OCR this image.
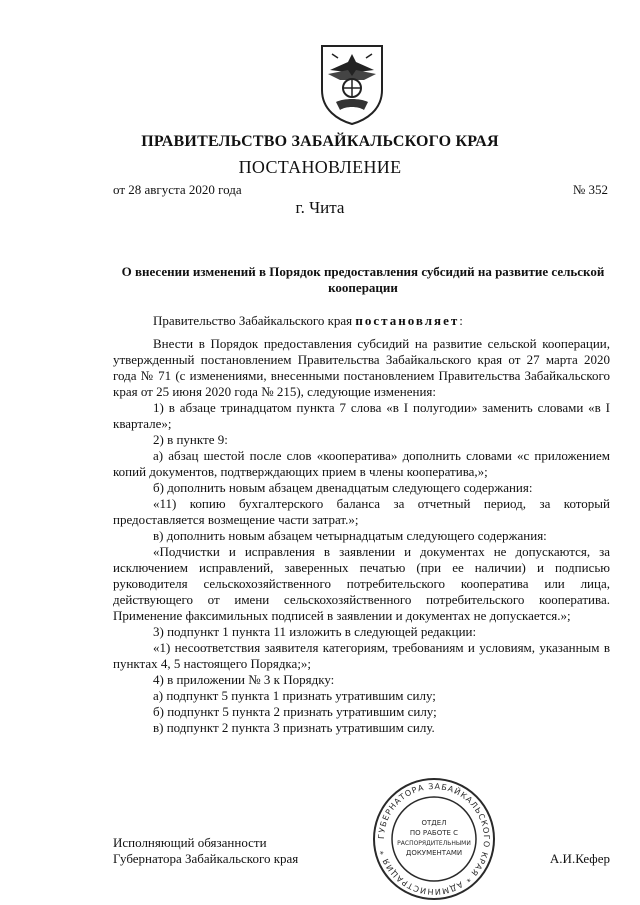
ПРАВИТЕЛЬСТВО ЗАБАЙКАЛЬСКОГО КРАЯ
ПОСТАНОВЛЕНИЕ
от 28 августа 2020 года	№ 352
г. Чита
О внесении изменений в Порядок предоставления субсидий на развитие сельской кооперации

Правительство Забайкальского края постановляет:

Внести в Порядок предоставления субсидий на развитие сельской кооперации, утвержденный постановлением Правительства Забайкальского края от 27 марта 2020 года № 71 (с изменениями, внесенными постановлением Правительства Забайкальского края от 25 июня 2020 года № 215), следующие изменения:

1) в абзаце тринадцатом пункта 7 слова «в I полугодии» заменить словами «в I квартале»;

2) в пункте 9:

а) абзац шестой после слов «кооператива» дополнить словами «с приложением копий документов, подтверждающих прием в члены кооператива,»;

б) дополнить новым абзацем двенадцатым следующего содержания:

«11) копию бухгалтерского баланса за отчетный период, за который предоставляется возмещение части затрат.»;

в) дополнить новым абзацем четырнадцатым следующего содержания:

«Подчистки и исправления в заявлении и документах не допускаются, за исключением исправлений, заверенных печатью (при ее наличии) и подписью руководителя сельскохозяйственного потребительского кооператива или лица, действующего от имени сельскохозяйственного потребительского кооператива. Применение факсимильных подписей в заявлении и документах не допускается.»;

3) подпункт 1 пункта 11 изложить в следующей редакции:

«1) несоответствия заявителя категориям, требованиям и условиям, указанным в пунктах 4, 5 настоящего Порядка;»;

4) в приложении № 3 к Порядку:

а) подпункт 5 пункта 1 признать утратившим силу;

б) подпункт 5 пункта 2 признать утратившим силу;

в) подпункт 2 пункта 3 признать утратившим силу.

Исполняющий обязанности
Губернатора Забайкальского края	А.И.Кефер
ГУБЕРНАТОРА ЗАБАЙКАЛЬСКОГО КРАЯ * АДМИНИСТРАЦИЯ *
ОТДЕЛ
ПО РАБОТЕ С
РАСПОРЯДИТЕЛЬНЫМИ
ДОКУМЕНТАМИ
